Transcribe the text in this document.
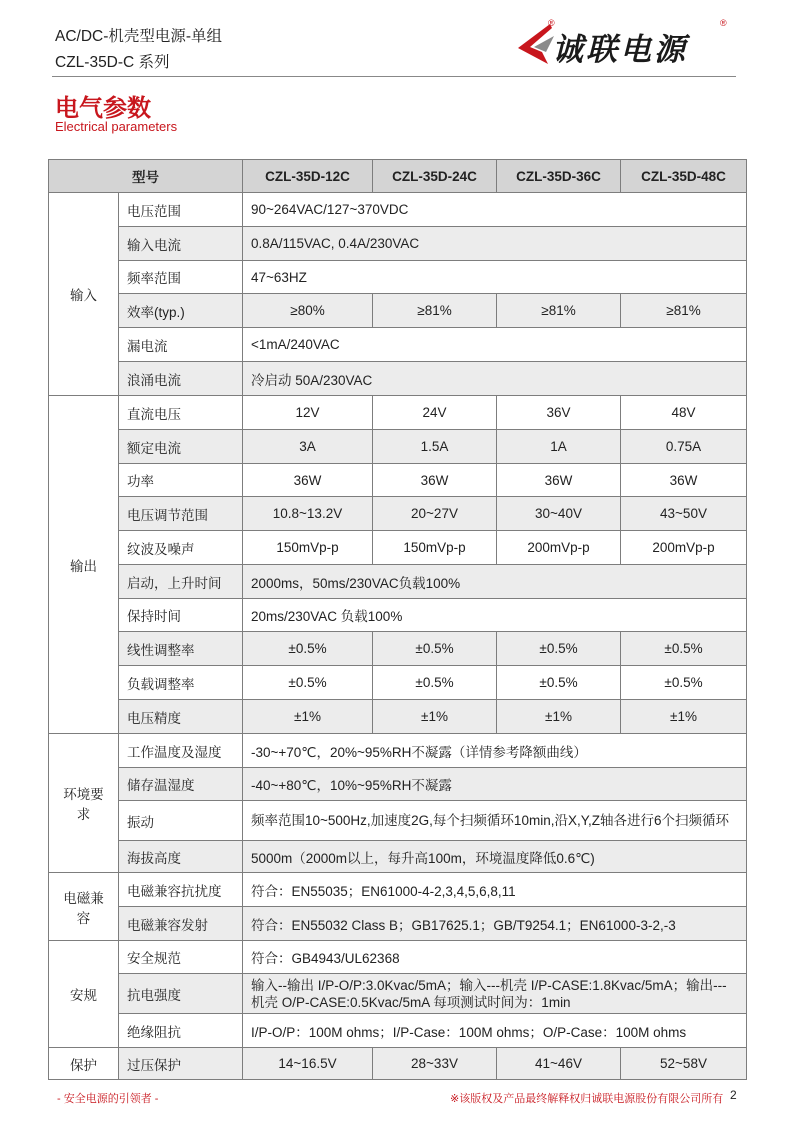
AC/DC-机壳型电源-单组
CZL-35D-C 系列
®
诚联电源
®
电气参数
Electrical parameters
型号		CZL-35D-12C	CZL-35D-24C	CZL-35D-36C	CZL-35D-48C
输入	电压范围	90~264VAC/127~370VDC			
	输入电流	0.8A/115VAC, 0.4A/230VAC			
	频率范围	47~63HZ			
	效率(typ.)	≥80%	≥81%	≥81%	≥81%
	漏电流	<1mA/240VAC			
	浪涌电流	冷启动 50A/230VAC			
输出	直流电压	12V	24V	36V	48V
	额定电流	3A	1.5A	1A	0.75A
	功率	36W	36W	36W	36W
	电压调节范围	10.8~13.2V	20~27V	30~40V	43~50V
	纹波及噪声	150mVp-p	150mVp-p	200mVp-p	200mVp-p
	启动，上升时间	2000ms，50ms/230VAC负载100%			
	保持时间	20ms/230VAC 负载100%			
	线性调整率	±0.5%	±0.5%	±0.5%	±0.5%
	负载调整率	±0.5%	±0.5%	±0.5%	±0.5%
	电压精度	±1%	±1%	±1%	±1%
环境要求	工作温度及湿度	-30~+70℃，20%~95%RH不凝露（详情参考降额曲线）			
	储存温湿度	-40~+80℃，10%~95%RH不凝露			
	振动	频率范围10~500Hz,加速度2G,每个扫频循环10min,沿X,Y,Z轴各进行6个扫频循环			
	海拔高度	5000m（2000m以上，每升高100m，环境温度降低0.6℃)			
电磁兼容	电磁兼容抗扰度	符合：EN55035；EN61000-4-2,3,4,5,6,8,11			
	电磁兼容发射	符合：EN55032 Class B；GB17625.1；GB/T9254.1；EN61000-3-2,-3			
安规	安全规范	符合：GB4943/UL62368			
	抗电强度	输入--输出 I/P-O/P:3.0Kvac/5mA；输入---机壳 I/P-CASE:1.8Kvac/5mA；输出---机壳 O/P-CASE:0.5Kvac/5mA 每项测试时间为：1min			
	绝缘阻抗	I/P-O/P：100M ohms；I/P-Case：100M ohms；O/P-Case：100M ohms			
保护	过压保护	14~16.5V	28~33V	41~46V	52~58V
- 安全电源的引领者 -	※该版权及产品最终解释权归诚联电源股份有限公司所有 2
